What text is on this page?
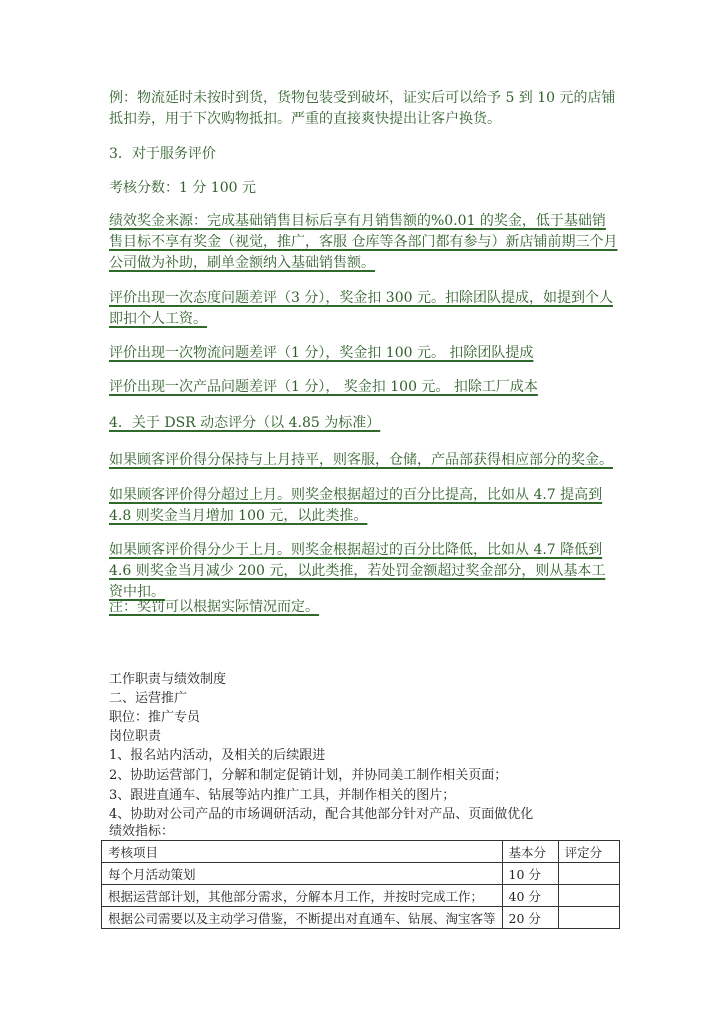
例：物流延时未按时到货，货物包装受到破坏，证实后可以给予 5 到 10 元的店铺抵扣券，用于下次购物抵扣。严重的直接爽快提出让客户换货。

3．对于服务评价

考核分数：1 分 100 元

绩效奖金来源：完成基础销售目标后享有月销售额的%0.01 的奖金，低于基础销售目标不享有奖金（视觉，推广，客服 仓库等各部门都有参与）新店铺前期三个月公司做为补助，刷单金额纳入基础销售额。

评价出现一次态度问题差评（3 分），奖金扣 300 元。扣除团队提成，如提到个人即扣个人工资。

评价出现一次物流问题差评（1 分），奖金扣 100 元。 扣除团队提成

评价出现一次产品问题差评（1 分）， 奖金扣 100 元。 扣除工厂成本

4．关于 DSR 动态评分（以 4.85 为标准）

如果顾客评价得分保持与上月持平，则客服，仓储，产品部获得相应部分的奖金。

如果顾客评价得分超过上月。则奖金根据超过的百分比提高，比如从 4.7 提高到 4.8 则奖金当月增加 100 元，以此类推。

如果顾客评价得分少于上月。则奖金根据超过的百分比降低，比如从 4.7 降低到 4.6 则奖金当月减少 200 元，以此类推，若处罚金额超过奖金部分，则从基本工资中扣。

注：奖罚可以根据实际情况而定。

工作职责与绩效制度

二、运营推广

职位：推广专员

岗位职责

1、报名站内活动，及相关的后续跟进

2、协助运营部门，分解和制定促销计划，并协同美工制作相关页面；

3、跟进直通车、钻展等站内推广工具，并制作相关的图片；

4、协助对公司产品的市场调研活动，配合其他部分针对产品、页面做优化

绩效指标：

考核项目	基本分	评定分
每个月活动策划	10 分	
根据运营部计划，其他部分需求，分解本月工作，并按时完成工作；	40 分	
根据公司需要以及主动学习借鉴，不断提出对直通车、钻展、淘宝客等	20 分	
